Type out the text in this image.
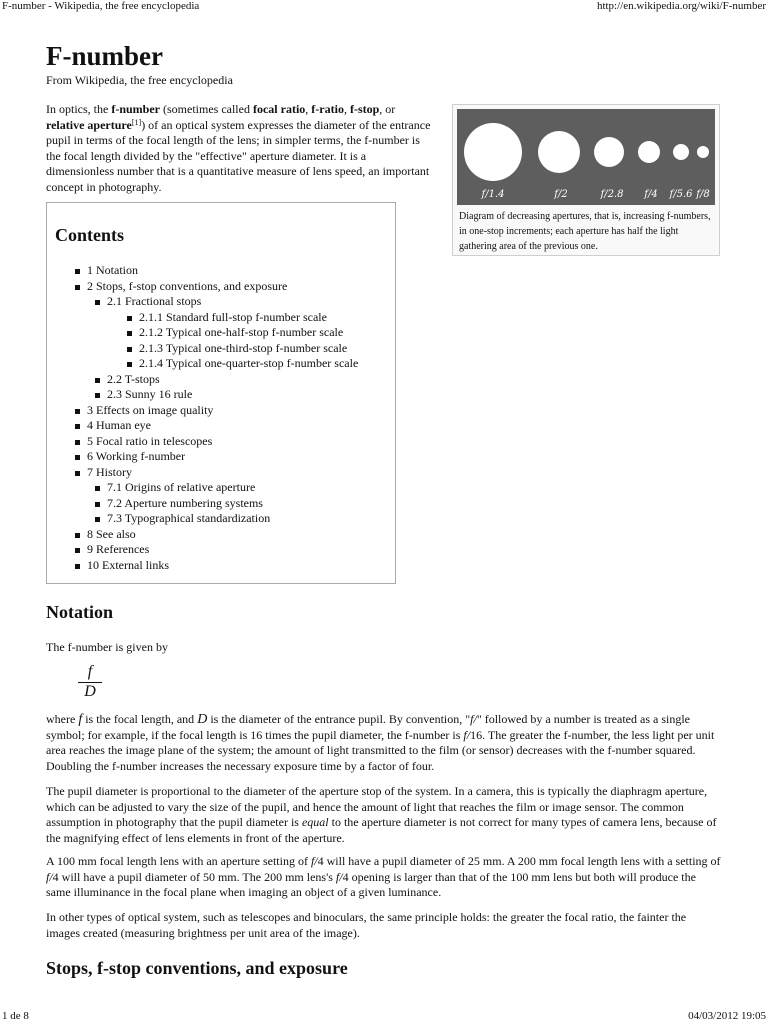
F-number - Wikipedia, the free encyclopedia	http://en.wikipedia.org/wiki/F-number
F-number
From Wikipedia, the free encyclopedia

In optics, the f-number (sometimes called focal ratio, f-ratio, f-stop, or relative aperture[1]) of an optical system expresses the diameter of the entrance pupil in terms of the focal length of the lens; in simpler terms, the f-number is the focal length divided by the "effective" aperture diameter. It is a dimensionless number that is a quantitative measure of lens speed, an important concept in photography.

f/1.4	f/2	f/2.8 f/4 f/5.6 f/8
Diagram of decreasing apertures, that is, increasing f-numbers, in one-stop increments; each aperture has half the light gathering area of the previous one.
Contents
1 Notation
2 Stops, f-stop conventions, and exposure
2.1 Fractional stops
2.1.1 Standard full-stop f-number scale
2.1.2 Typical one-half-stop f-number scale
2.1.3 Typical one-third-stop f-number scale
2.1.4 Typical one-quarter-stop f-number scale
2.2 T-stops
2.3 Sunny 16 rule
3 Effects on image quality
4 Human eye
5 Focal ratio in telescopes
6 Working f-number
7 History
7.1 Origins of relative aperture
7.2 Aperture numbering systems
7.3 Typographical standardization
8 See also
9 References
10 External links
Notation

The f-number is given by

f
D

where f is the focal length, and D is the diameter of the entrance pupil. By convention, "f/" followed by a number is treated as a single symbol; for example, if the focal length is 16 times the pupil diameter, the f-number is f/16. The greater the f-number, the less light per unit area reaches the image plane of the system; the amount of light transmitted to the film (or sensor) decreases with the f-number squared. Doubling the f-number increases the necessary exposure time by a factor of four.

The pupil diameter is proportional to the diameter of the aperture stop of the system. In a camera, this is typically the diaphragm aperture, which can be adjusted to vary the size of the pupil, and hence the amount of light that reaches the film or image sensor. The common assumption in photography that the pupil diameter is equal to the aperture diameter is not correct for many types of camera lens, because of the magnifying effect of lens elements in front of the aperture.

A 100 mm focal length lens with an aperture setting of f/4 will have a pupil diameter of 25 mm. A 200 mm focal length lens with a setting of f/4 will have a pupil diameter of 50 mm. The 200 mm lens's f/4 opening is larger than that of the 100 mm lens but both will produce the same illuminance in the focal plane when imaging an object of a given luminance.

In other types of optical system, such as telescopes and binoculars, the same principle holds: the greater the focal ratio, the fainter the images created (measuring brightness per unit area of the image).

Stops, f-stop conventions, and exposure
1 de 8	04/03/2012 19:05
